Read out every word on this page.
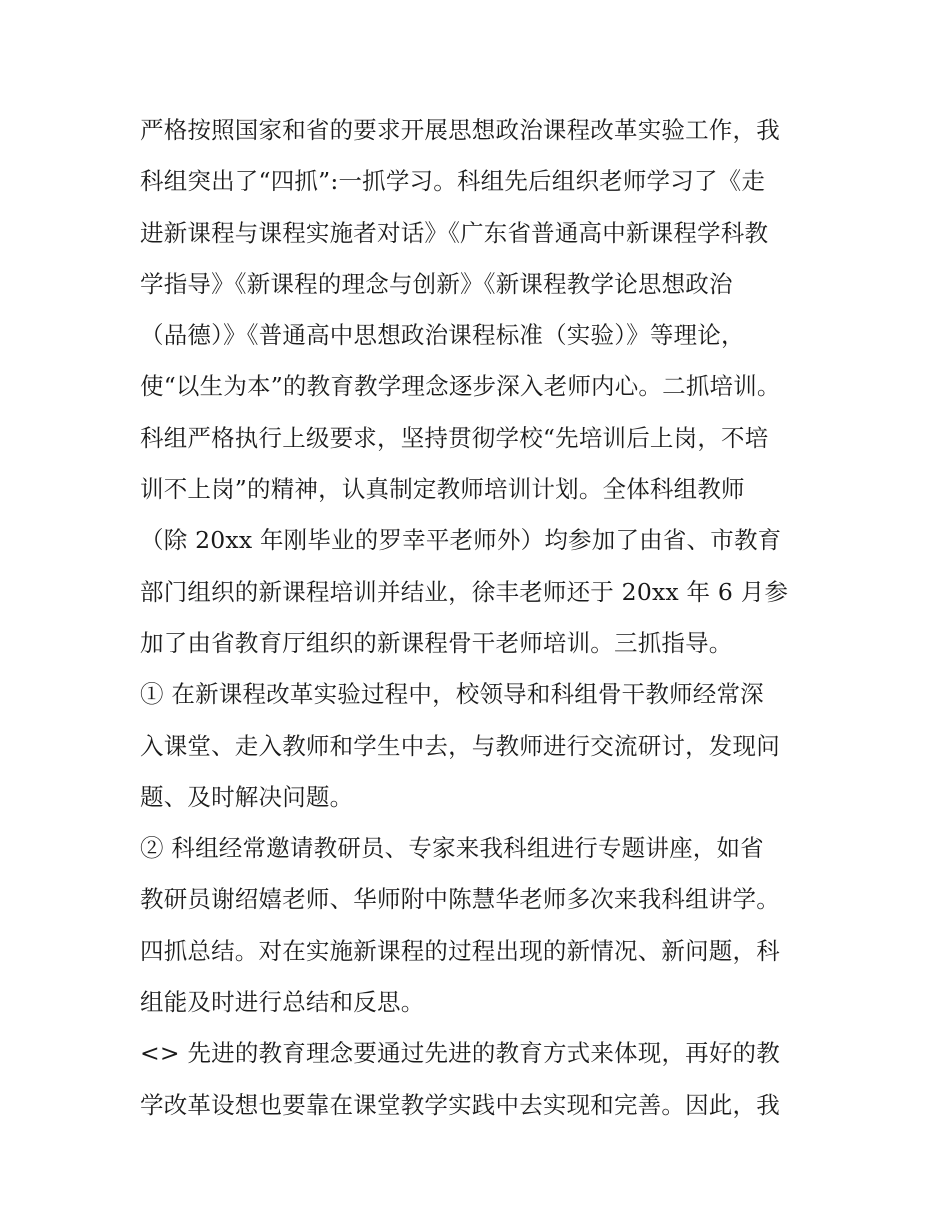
严格按照国家和省的要求开展思想政治课程改革实验工作，我
科组突出了“四抓”:一抓学习。科组先后组织老师学习了《走
进新课程与课程实施者对话》《广东省普通高中新课程学科教
学指导》《新课程的理念与创新》《新课程教学论思想政治
（品德）》《普通高中思想政治课程标准（实验）》等理论，
使“以生为本”的教育教学理念逐步深入老师内心。二抓培训。
科组严格执行上级要求，坚持贯彻学校“先培训后上岗，不培
训不上岗”的精神，认真制定教师培训计划。全体科组教师
（除 20xx 年刚毕业的罗幸平老师外）均参加了由省、市教育
部门组织的新课程培训并结业，徐丰老师还于 20xx 年 6 月参
加了由省教育厅组织的新课程骨干老师培训。三抓指导。
① 在新课程改革实验过程中，校领导和科组骨干教师经常深
入课堂、走入教师和学生中去，与教师进行交流研讨，发现问
题、及时解决问题。
② 科组经常邀请教研员、专家来我科组进行专题讲座，如省
教研员谢绍嬉老师、华师附中陈慧华老师多次来我科组讲学。
四抓总结。对在实施新课程的过程出现的新情况、新问题，科
组能及时进行总结和反思。
<> 先进的教育理念要通过先进的教育方式来体现，再好的教
学改革设想也要靠在课堂教学实践中去实现和完善。因此，我
